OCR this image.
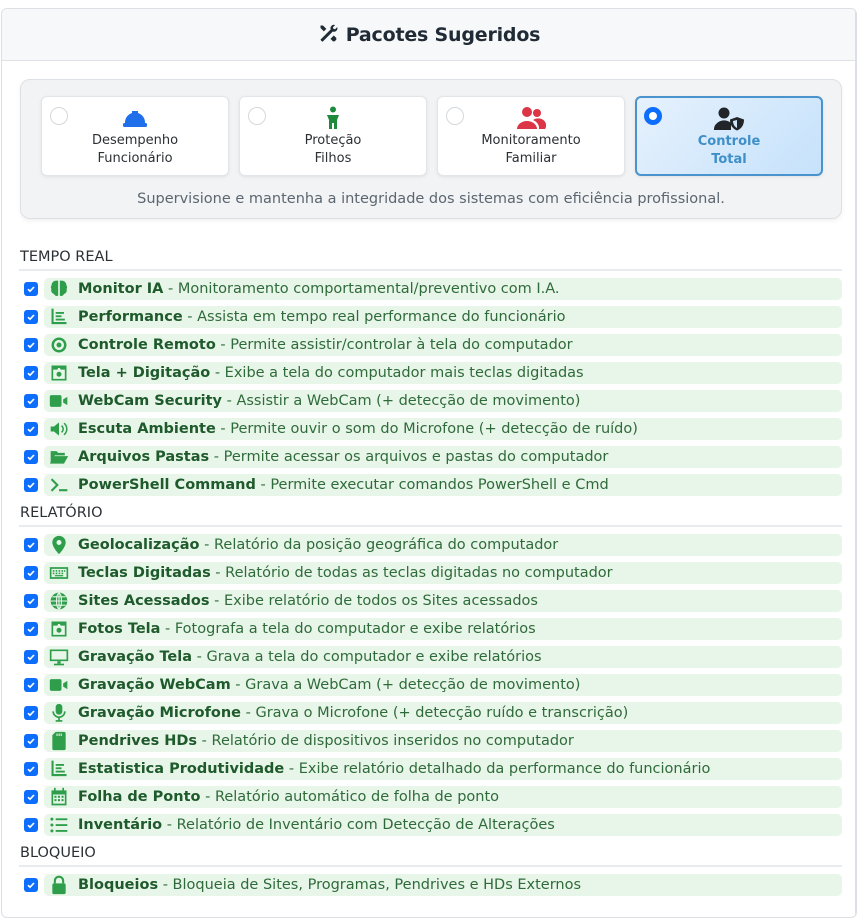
Pacotes Sugeridos
Desempenho
Funcionário
Proteção
Filhos
Monitoramento
Familiar
Controle
Total
Supervisione e mantenha a integridade dos sistemas com eficiência profissional.
TEMPO REAL
Monitor IA - Monitoramento comportamental/preventivo com I.A.
Performance - Assista em tempo real performance do funcionário
Controle Remoto - Permite assistir/controlar à tela do computador
Tela + Digitação - Exibe a tela do computador mais teclas digitadas
WebCam Security - Assistir a WebCam (+ detecção de movimento)
Escuta Ambiente - Permite ouvir o som do Microfone (+ detecção de ruído)
Arquivos Pastas - Permite acessar os arquivos e pastas do computador
PowerShell Command - Permite executar comandos PowerShell e Cmd
RELATÓRIO
Geolocalização - Relatório da posição geográfica do computador
Teclas Digitadas - Relatório de todas as teclas digitadas no computador
Sites Acessados - Exibe relatório de todos os Sites acessados
Fotos Tela - Fotografa a tela do computador e exibe relatórios
Gravação Tela - Grava a tela do computador e exibe relatórios
Gravação WebCam - Grava a WebCam (+ detecção de movimento)
Gravação Microfone - Grava o Microfone (+ detecção ruído e transcrição)
Pendrives HDs - Relatório de dispositivos inseridos no computador
Estatistica Produtividade - Exibe relatório detalhado da performance do funcionário
Folha de Ponto - Relatório automático de folha de ponto
Inventário - Relatório de Inventário com Detecção de Alterações
BLOQUEIO
Bloqueios - Bloqueia de Sites, Programas, Pendrives e HDs Externos
